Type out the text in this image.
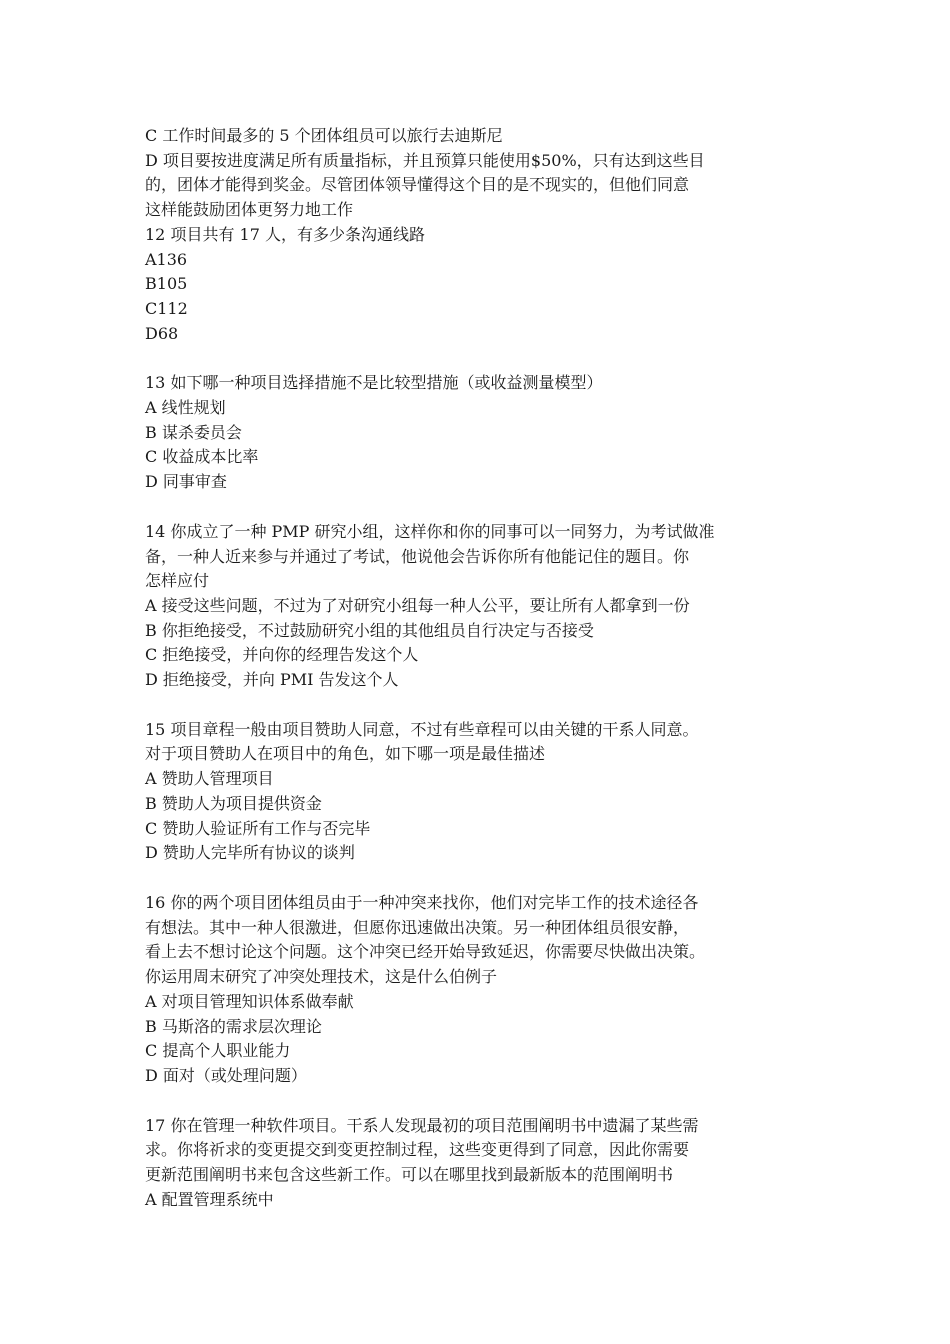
C 工作时间最多的 5 个团体组员可以旅行去迪斯尼
D 项目要按进度满足所有质量指标，并且预算只能使用$50%，只有达到这些目
的，团体才能得到奖金。尽管团体领导懂得这个目的是不现实的，但他们同意
这样能鼓励团体更努力地工作
12 项目共有 17 人，有多少条沟通线路
A136
B105
C112
D68
13 如下哪一种项目选择措施不是比较型措施（或收益测量模型）
A 线性规划
B 谋杀委员会
C 收益成本比率
D 同事审查
14 你成立了一种 PMP 研究小组，这样你和你的同事可以一同努力，为考试做准
备，一种人近来参与并通过了考试，他说他会告诉你所有他能记住的题目。你
怎样应付
A 接受这些问题，不过为了对研究小组每一种人公平，要让所有人都拿到一份
B 你拒绝接受，不过鼓励研究小组的其他组员自行决定与否接受
C 拒绝接受，并向你的经理告发这个人
D 拒绝接受，并向 PMI 告发这个人
15 项目章程一般由项目赞助人同意，不过有些章程可以由关键的干系人同意。
对于项目赞助人在项目中的角色，如下哪一项是最佳描述
A 赞助人管理项目
B 赞助人为项目提供资金
C 赞助人验证所有工作与否完毕
D 赞助人完毕所有协议的谈判
16 你的两个项目团体组员由于一种冲突来找你，他们对完毕工作的技术途径各
有想法。其中一种人很激进，但愿你迅速做出决策。另一种团体组员很安静，
看上去不想讨论这个问题。这个冲突已经开始导致延迟，你需要尽快做出决策。
你运用周末研究了冲突处理技术，这是什么伯例子
A 对项目管理知识体系做奉献
B 马斯洛的需求层次理论
C 提高个人职业能力
D 面对（或处理问题）
17 你在管理一种软件项目。干系人发现最初的项目范围阐明书中遗漏了某些需
求。你将祈求的变更提交到变更控制过程，这些变更得到了同意，因此你需要
更新范围阐明书来包含这些新工作。可以在哪里找到最新版本的范围阐明书
A 配置管理系统中
